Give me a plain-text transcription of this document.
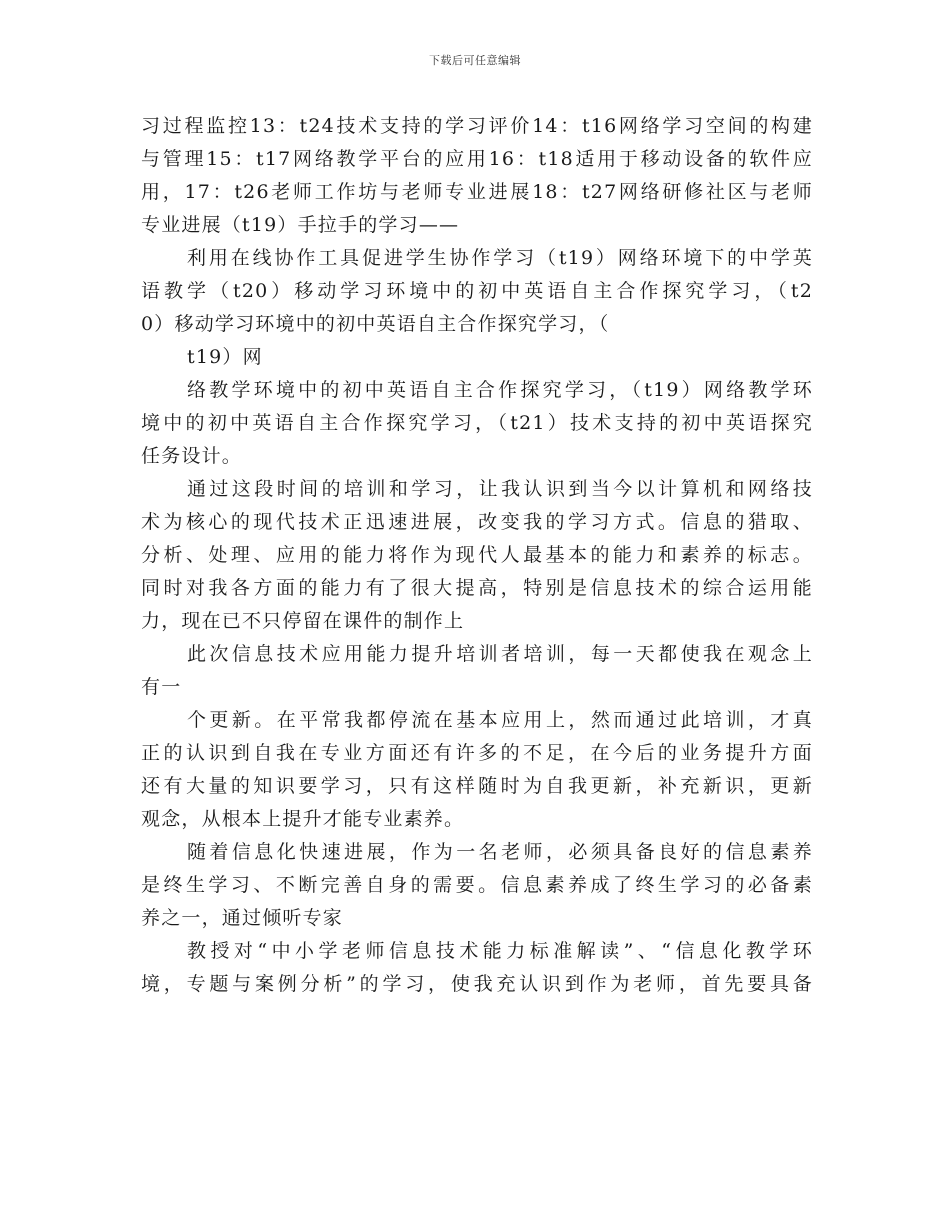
下载后可任意编辑
习过程监控13：t24技术支持的学习评价14：t16网络学习空间的构建
与管理15：t17网络教学平台的应用16：t18适用于移动设备的软件应
用，17：t26老师工作坊与老师专业进展18：t27网络研修社区与老师
专业进展（t19）手拉手的学习——
利用在线协作工具促进学生协作学习（t19）网络环境下的中学英
语教学（t20）移动学习环境中的初中英语自主合作探究学习，（t2
0）移动学习环境中的初中英语自主合作探究学习，（
t19）网
络教学环境中的初中英语自主合作探究学习，（t19）网络教学环
境中的初中英语自主合作探究学习，（t21）技术支持的初中英语探究
任务设计。
通过这段时间的培训和学习，让我认识到当今以计算机和网络技
术为核心的现代技术正迅速进展，改变我的学习方式。信息的猎取、
分析、处理、应用的能力将作为现代人最基本的能力和素养的标志。
同时对我各方面的能力有了很大提高，特别是信息技术的综合运用能
力，现在已不只停留在课件的制作上
此次信息技术应用能力提升培训者培训，每一天都使我在观念上
有一
个更新。在平常我都停流在基本应用上，然而通过此培训，才真
正的认识到自我在专业方面还有许多的不足，在今后的业务提升方面
还有大量的知识要学习，只有这样随时为自我更新，补充新识，更新
观念，从根本上提升才能专业素养。
随着信息化快速进展，作为一名老师，必须具备良好的信息素养
是终生学习、不断完善自身的需要。信息素养成了终生学习的必备素
养之一，通过倾听专家
教授对“中小学老师信息技术能力标准解读”、“信息化教学环
境，专题与案例分析”的学习，使我充认识到作为老师，首先要具备
